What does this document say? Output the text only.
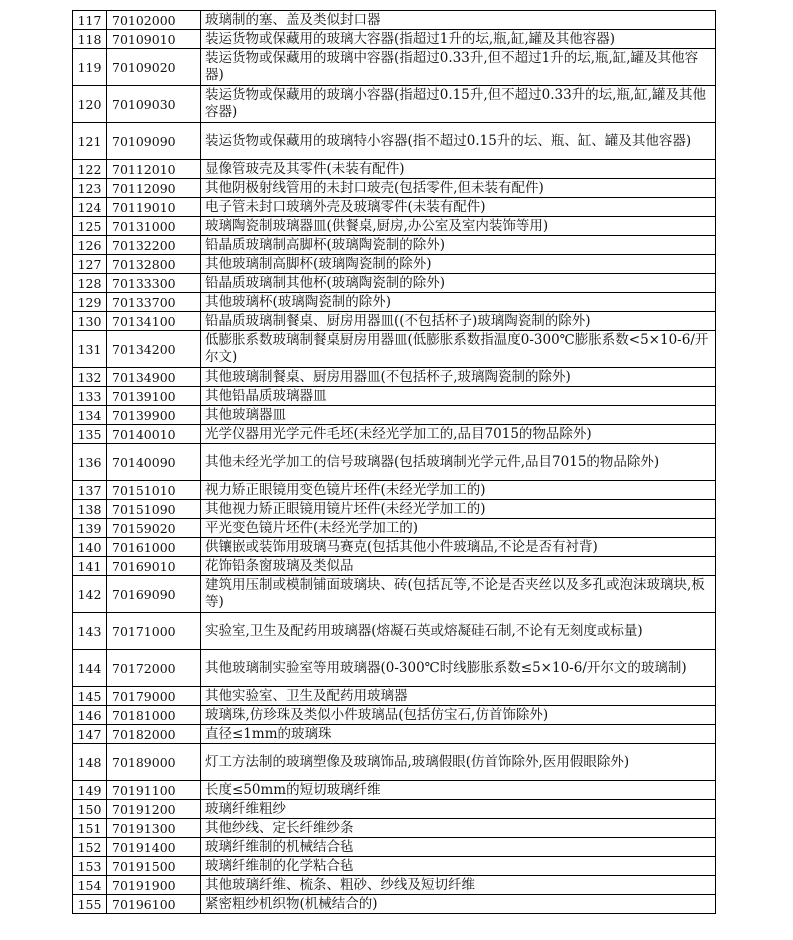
117	70102000	玻璃制的塞、盖及类似封口器
118	70109010	装运货物或保藏用的玻璃大容器(指超过1升的坛,瓶,缸,罐及其他容器)
119	70109020	装运货物或保藏用的玻璃中容器(指超过0.33升,但不超过1升的坛,瓶,缸,罐及其他容器)
120	70109030	装运货物或保藏用的玻璃小容器(指超过0.15升,但不超过0.33升的坛,瓶,缸,罐及其他容器)
121	70109090	装运货物或保藏用的玻璃特小容器(指不超过0.15升的坛、瓶、缸、罐及其他容器)
122	70112010	显像管玻壳及其零件(未装有配件)
123	70112090	其他阴极射线管用的未封口玻壳(包括零件,但未装有配件)
124	70119010	电子管未封口玻璃外壳及玻璃零件(未装有配件)
125	70131000	玻璃陶瓷制玻璃器皿(供餐桌,厨房,办公室及室内装饰等用)
126	70132200	铅晶质玻璃制高脚杯(玻璃陶瓷制的除外)
127	70132800	其他玻璃制高脚杯(玻璃陶瓷制的除外)
128	70133300	铅晶质玻璃制其他杯(玻璃陶瓷制的除外)
129	70133700	其他玻璃杯(玻璃陶瓷制的除外)
130	70134100	铅晶质玻璃制餐桌、厨房用器皿((不包括杯子)玻璃陶瓷制的除外)
131	70134200	低膨胀系数玻璃制餐桌厨房用器皿(低膨胀系数指温度0-300℃膨胀系数<5×10-6/开尔文)
132	70134900	其他玻璃制餐桌、厨房用器皿(不包括杯子,玻璃陶瓷制的除外)
133	70139100	其他铅晶质玻璃器皿
134	70139900	其他玻璃器皿
135	70140010	光学仪器用光学元件毛坯(未经光学加工的,品目7015的物品除外)
136	70140090	其他未经光学加工的信号玻璃器(包括玻璃制光学元件,品目7015的物品除外)
137	70151010	视力矫正眼镜用变色镜片坯件(未经光学加工的)
138	70151090	其他视力矫正眼镜用镜片坯件(未经光学加工的)
139	70159020	平光变色镜片坯件(未经光学加工的)
140	70161000	供镶嵌或装饰用玻璃马赛克(包括其他小件玻璃品,不论是否有衬背)
141	70169010	花饰铅条窗玻璃及类似品
142	70169090	建筑用压制或模制铺面玻璃块、砖(包括瓦等,不论是否夹丝以及多孔或泡沫玻璃块,板等)
143	70171000	实验室,卫生及配药用玻璃器(熔凝石英或熔凝硅石制,不论有无刻度或标量)
144	70172000	其他玻璃制实验室等用玻璃器(0-300℃时线膨胀系数≤5×10-6/开尔文的玻璃制)
145	70179000	其他实验室、卫生及配药用玻璃器
146	70181000	玻璃珠,仿珍珠及类似小件玻璃品(包括仿宝石,仿首饰除外)
147	70182000	直径≤1mm的玻璃珠
148	70189000	灯工方法制的玻璃塑像及玻璃饰品,玻璃假眼(仿首饰除外,医用假眼除外)
149	70191100	长度≤50mm的短切玻璃纤维
150	70191200	玻璃纤维粗纱
151	70191300	其他纱线、定长纤维纱条
152	70191400	玻璃纤维制的机械结合毡
153	70191500	玻璃纤维制的化学粘合毡
154	70191900	其他玻璃纤维、梳条、粗砂、纱线及短切纤维
155	70196100	紧密粗纱机织物(机械结合的)
